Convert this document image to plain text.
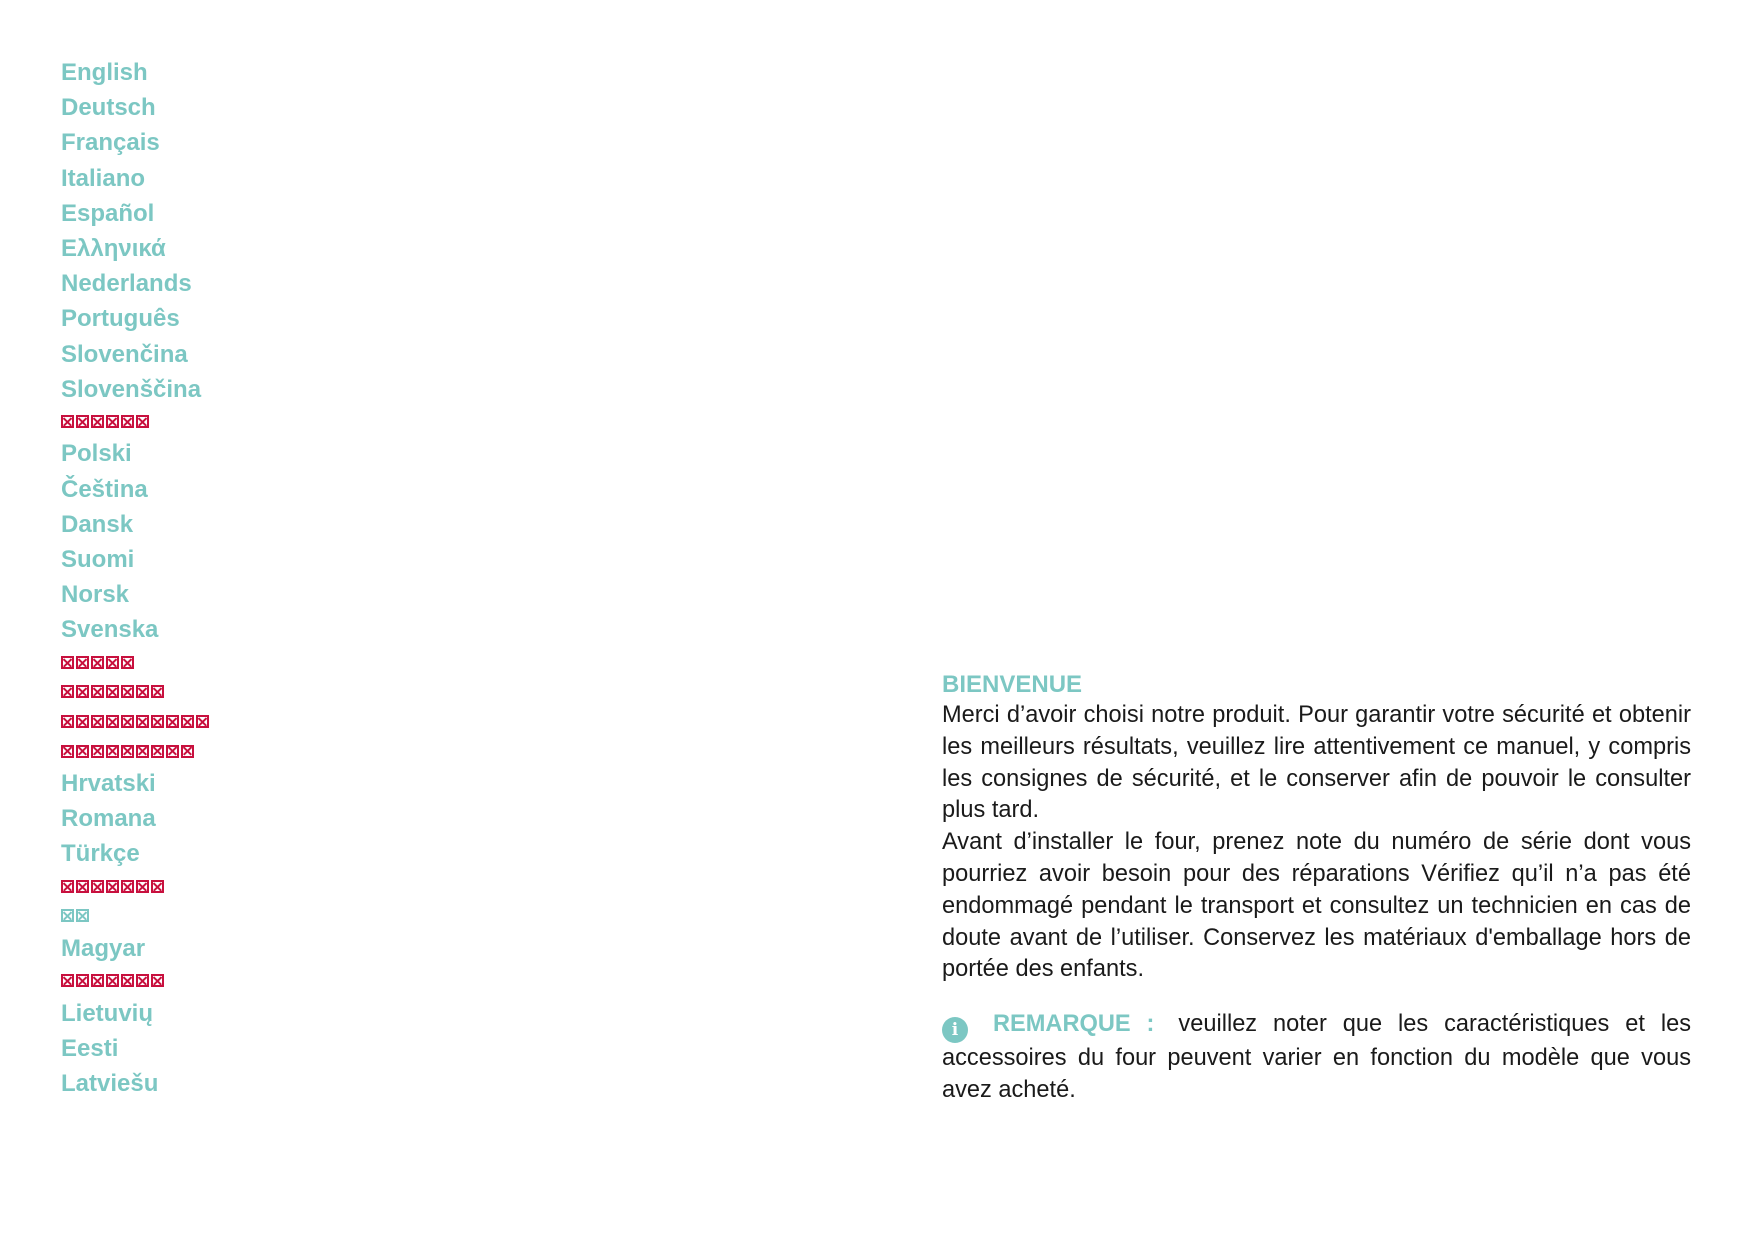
English
Deutsch
Français
Italiano
Español
Ελληνικά
Nederlands
Português
Slovenčina
Slovenščina
Polski
Čeština
Dansk
Suomi
Norsk
Svenska
Hrvatski
Romana
Türkçe
Magyar
Lietuvių
Eesti
Latviešu
BIENVENUE

Merci d’avoir choisi notre produit. Pour garantir votre sécurité et obtenir les meilleurs résultats, veuillez lire attentivement ce manuel, y compris les consignes de sécurité, et le conserver afin de pouvoir le consulter plus tard.

Avant d’installer le four, prenez note du numéro de série dont vous pourriez avoir besoin pour des réparations Vérifiez qu’il n’a pas été endommagé pendant le transport et consultez un technicien en cas de doute avant de l’utiliser. Conservez les matériaux d'emballage hors de portée des enfants.

i REMARQUE : veuillez noter que les caractéristiques et les accessoires du four peuvent varier en fonction du modèle que vous avez acheté.
